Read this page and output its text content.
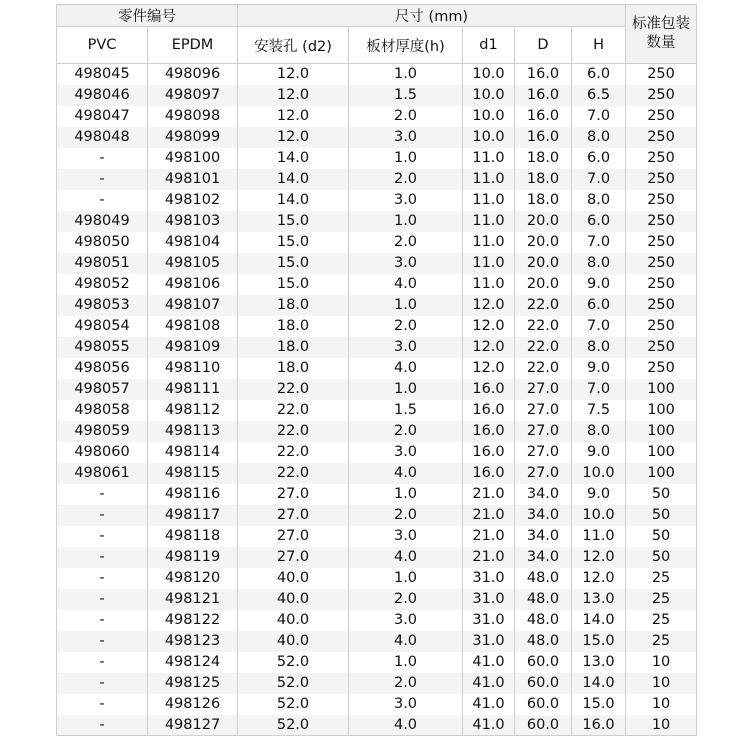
零件编号		尺寸 (mm)					标准包装
数量

PVC	EPDM	安装孔 (d2)	板材厚度(h)	d1	D	H	
498045	498096	12.0	1.0	10.0	16.0	6.0	250
498046	498097	12.0	1.5	10.0	16.0	6.5	250
498047	498098	12.0	2.0	10.0	16.0	7.0	250
498048	498099	12.0	3.0	10.0	16.0	8.0	250
-	498100	14.0	1.0	11.0	18.0	6.0	250
-	498101	14.0	2.0	11.0	18.0	7.0	250
-	498102	14.0	3.0	11.0	18.0	8.0	250
498049	498103	15.0	1.0	11.0	20.0	6.0	250
498050	498104	15.0	2.0	11.0	20.0	7.0	250
498051	498105	15.0	3.0	11.0	20.0	8.0	250
498052	498106	15.0	4.0	11.0	20.0	9.0	250
498053	498107	18.0	1.0	12.0	22.0	6.0	250
498054	498108	18.0	2.0	12.0	22.0	7.0	250
498055	498109	18.0	3.0	12.0	22.0	8.0	250
498056	498110	18.0	4.0	12.0	22.0	9.0	250
498057	498111	22.0	1.0	16.0	27.0	7.0	100
498058	498112	22.0	1.5	16.0	27.0	7.5	100
498059	498113	22.0	2.0	16.0	27.0	8.0	100
498060	498114	22.0	3.0	16.0	27.0	9.0	100
498061	498115	22.0	4.0	16.0	27.0	10.0	100
-	498116	27.0	1.0	21.0	34.0	9.0	50
-	498117	27.0	2.0	21.0	34.0	10.0	50
-	498118	27.0	3.0	21.0	34.0	11.0	50
-	498119	27.0	4.0	21.0	34.0	12.0	50
-	498120	40.0	1.0	31.0	48.0	12.0	25
-	498121	40.0	2.0	31.0	48.0	13.0	25
-	498122	40.0	3.0	31.0	48.0	14.0	25
-	498123	40.0	4.0	31.0	48.0	15.0	25
-	498124	52.0	1.0	41.0	60.0	13.0	10
-	498125	52.0	2.0	41.0	60.0	14.0	10
-	498126	52.0	3.0	41.0	60.0	15.0	10
-	498127	52.0	4.0	41.0	60.0	16.0	10
